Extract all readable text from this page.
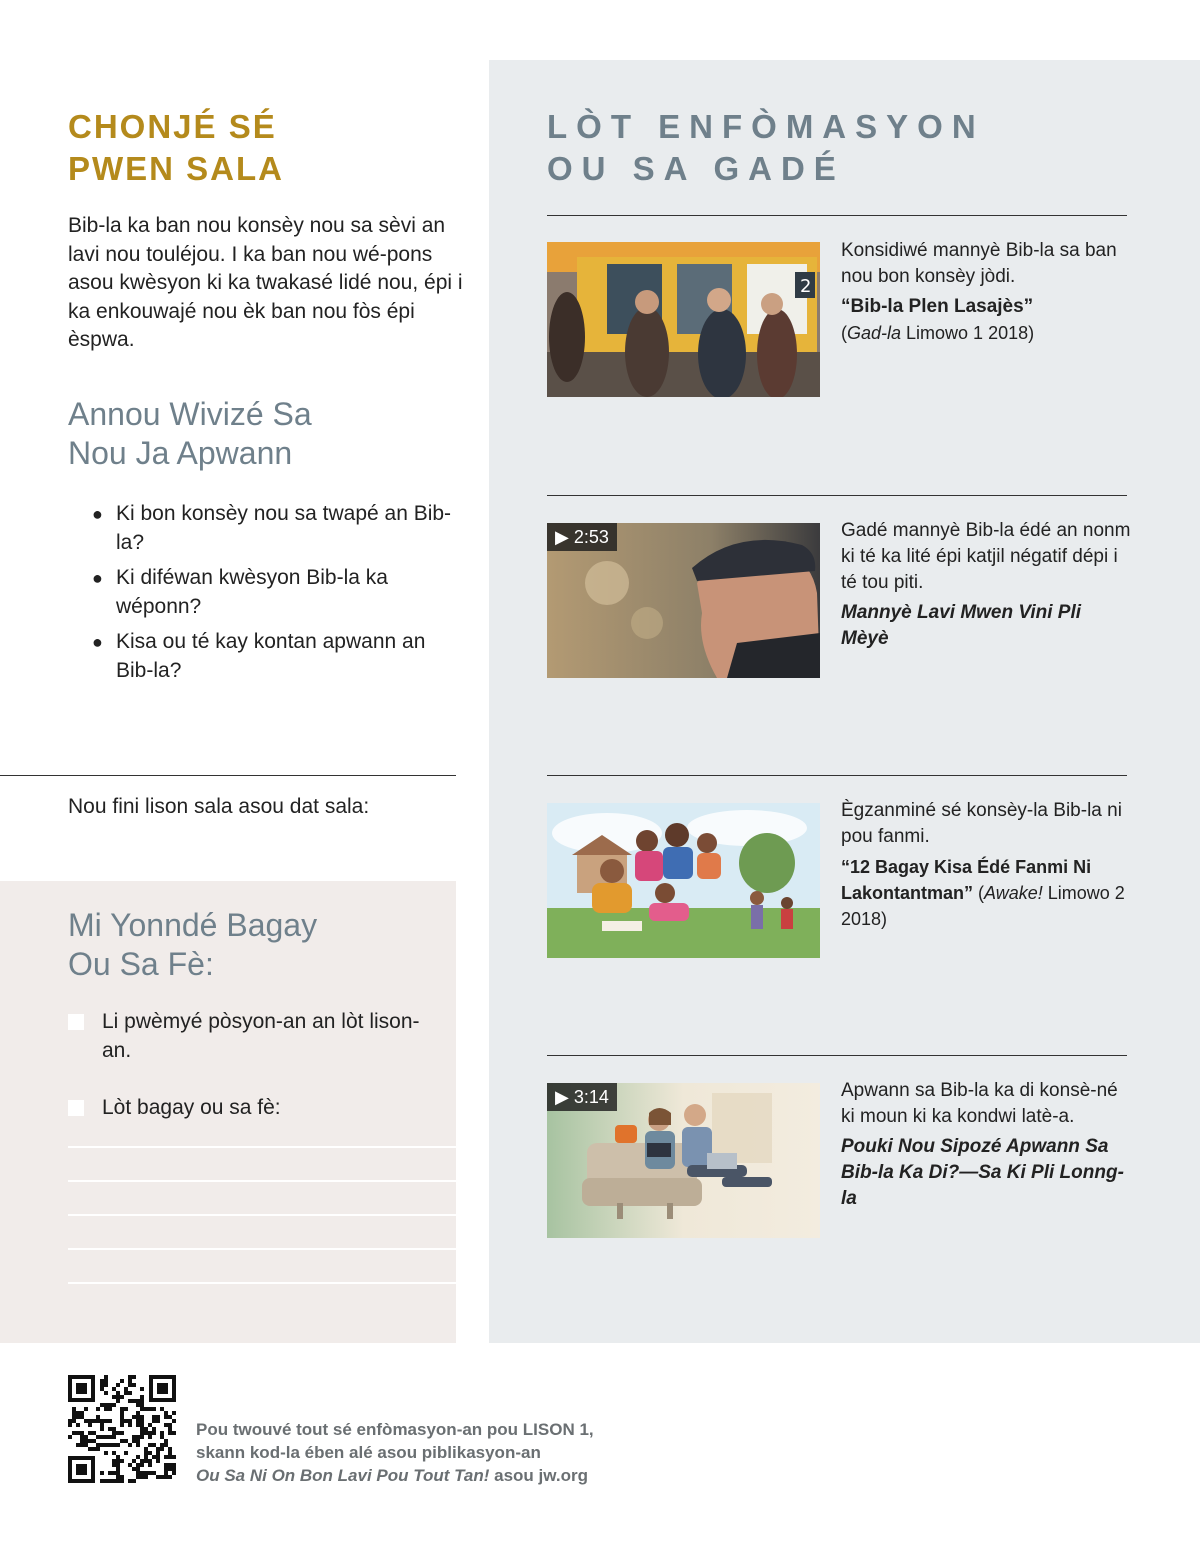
CHONJÉ SÉ
PWEN SALA

Bib-la ka ban nou konsèy nou sa sèvi an lavi nou touléjou. I ka ban nou wé-pons asou kwèsyon ki ka twakasé lidé nou, épi i ka enkouwajé nou èk ban nou fòs épi èspwa.

Annou Wivizé Sa
Nou Ja Apwann
● Ki bon konsèy nou sa twapé an Bib-la?
● Ki diféwan kwèsyon Bib-la ka wéponn?
● Kisa ou té kay kontan apwann an Bib-la?
Nou fini lison sala asou dat sala:
Mi Yonndé Bagay
Ou Sa Fè:
Li pwèmyé pòsyon-an an lòt lison-an.
Lòt bagay ou sa fè:
LÒT ENFÒMASYON
OU SA GADÉ
2
Konsidiwé mannyè Bib-la sa ban nou bon konsèy jòdi.
“Bib-la Plen Lasajès”
(Gad-la Limowo 1 2018)
▶ 2:53	Gadé mannyè Bib-la édé an nonm ki té ka lité épi katjil négatif dépi i té tou piti.
Mannyè Lavi Mwen Vini Pli Mèyè
Ègzanminé sé konsèy-la Bib-la ni pou fanmi.
“12 Bagay Kisa Édé Fanmi Ni Lakontantman” (Awake! Limowo 2 2018)
▶ 3:14	Apwann sa Bib-la ka di konsè-né ki moun ki ka kondwi latè-a.
Pouki Nou Sipozé Apwann Sa Bib-la Ka Di?—Sa Ki Pli Lonng-la
Pou twouvé tout sé enfòmasyon-an pou LISON 1,
skann kod-la ében alé asou piblikasyon-an
Ou Sa Ni On Bon Lavi Pou Tout Tan! asou jw.org
